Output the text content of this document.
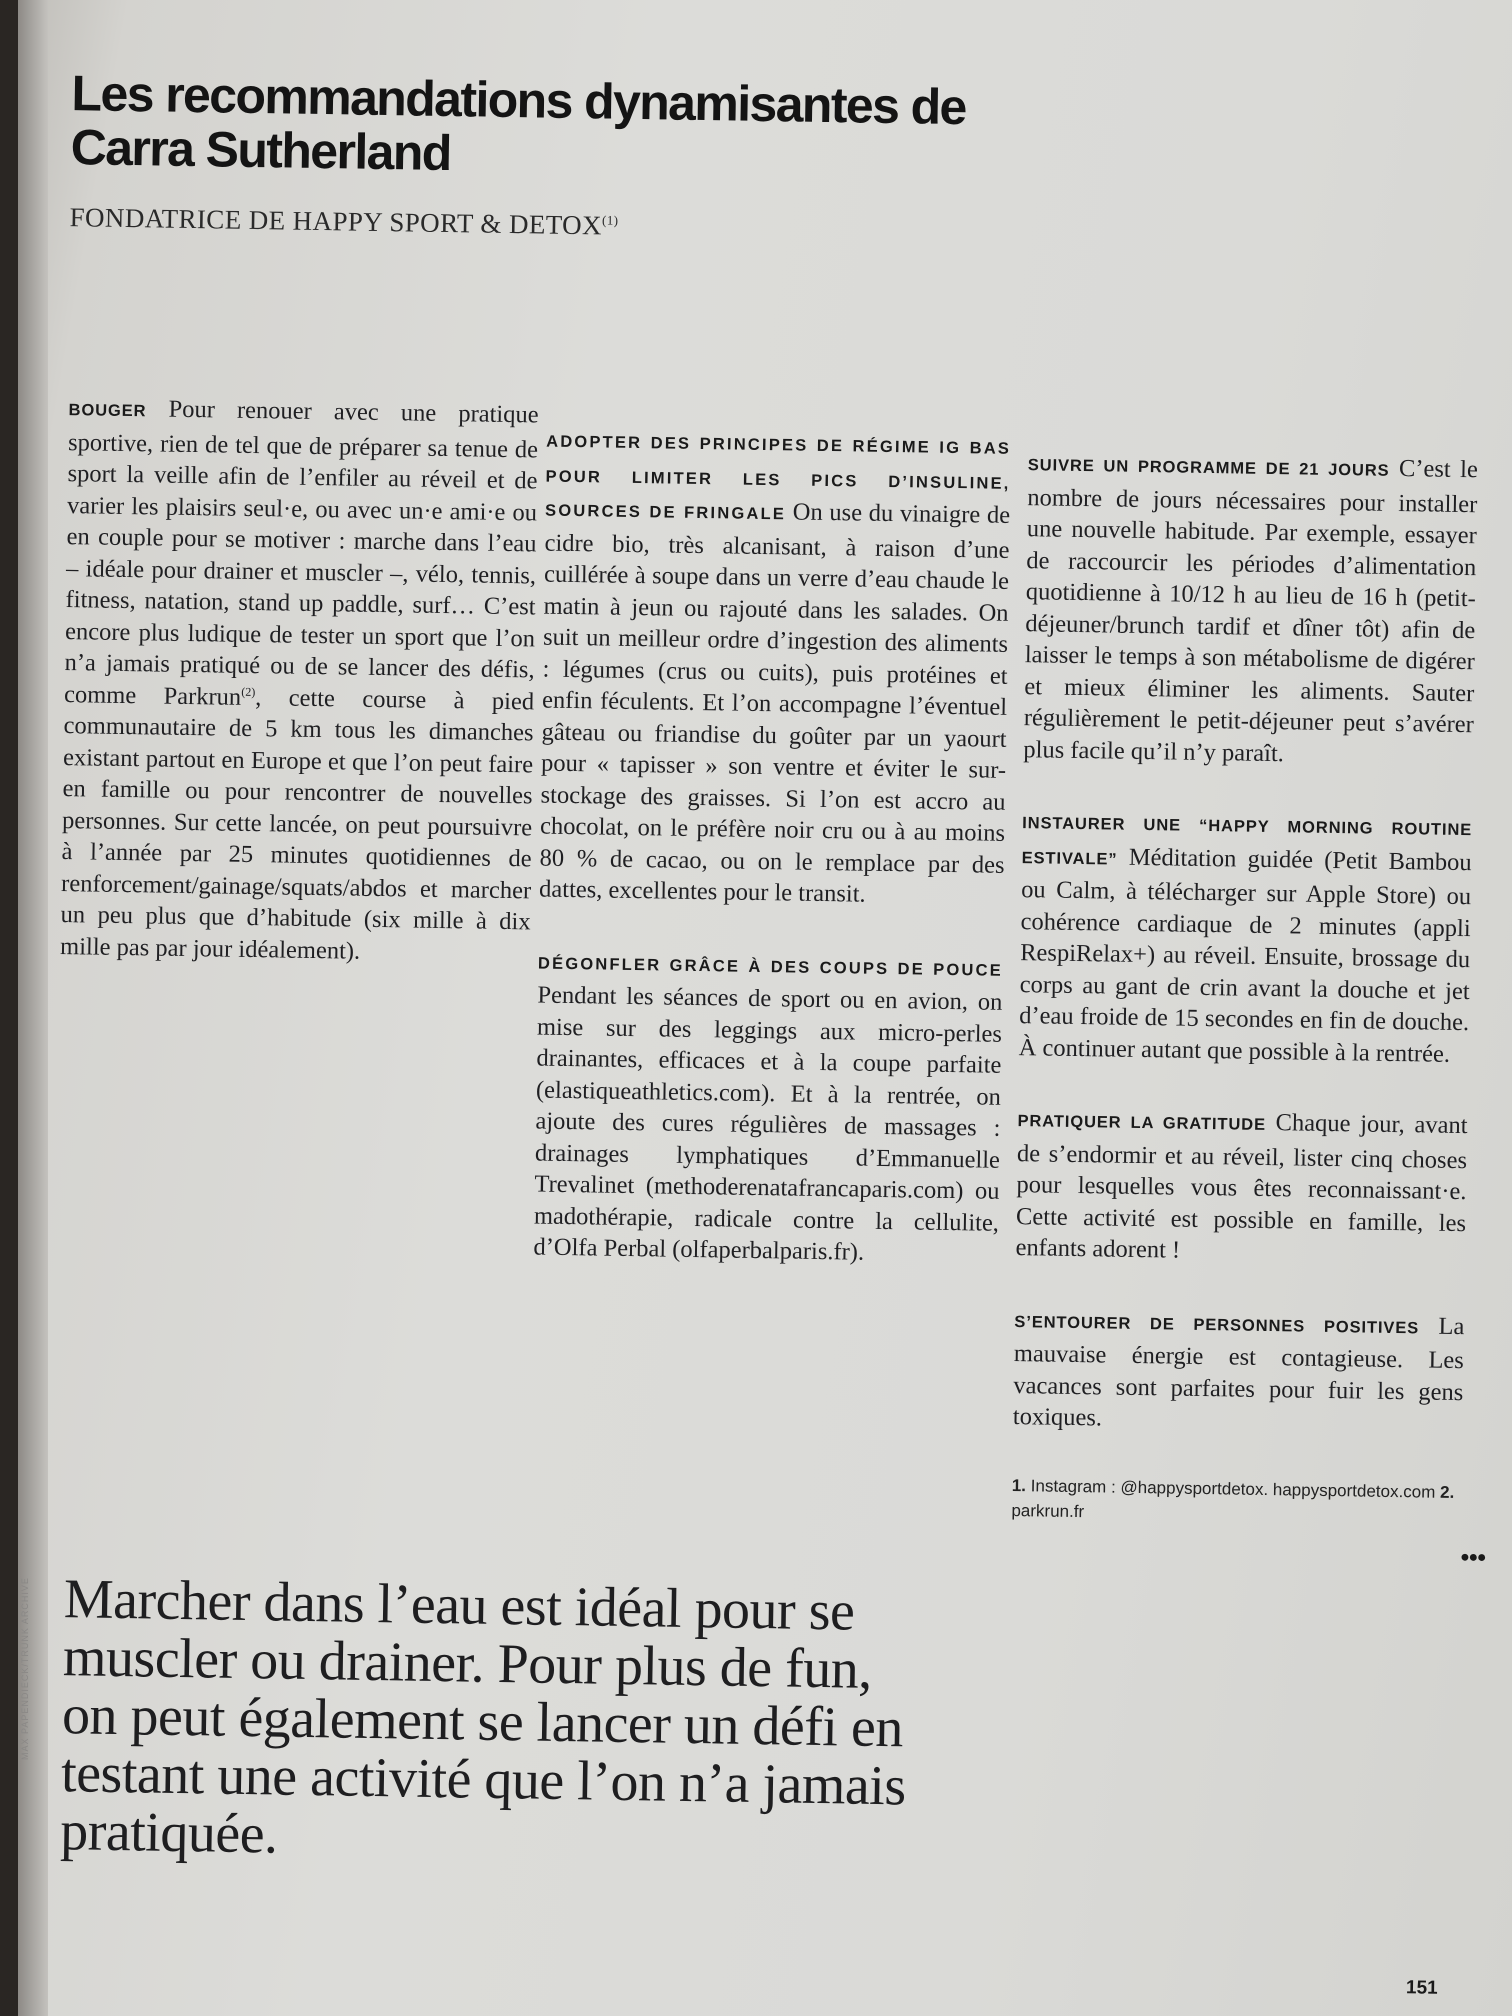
Les recommandations dynamisantes de Carra Sutherland

FONDATRICE DE HAPPY SPORT & DETOX$^{(1)}$

BOUGER Pour renouer avec une pratique sportive, rien de tel que de préparer sa tenue de sport la veille afin de l’enfiler au réveil et de varier les plaisirs seul·e, ou avec un·e ami·e ou en couple pour se motiver : marche dans l’eau – idéale pour drainer et muscler –, vélo, tennis, fitness, natation, stand up paddle, surf… C’est encore plus ludique de tester un sport que l’on n’a jamais pratiqué ou de se lancer des défis, comme Parkrun$^{(2)}$, cette course à pied communautaire de 5 km tous les dimanches existant partout en Europe et que l’on peut faire en famille ou pour rencontrer de nouvelles personnes. Sur cette lancée, on peut poursuivre à l’année par 25 minutes quotidiennes de renforcement/gainage/squats/abdos et marcher un peu plus que d’habitude (six mille à dix mille pas par jour idéalement).

ADOPTER DES PRINCIPES DE RÉGIME IG BAS POUR LIMITER LES PICS D’INSULINE, SOURCES DE FRINGALE On use du vinaigre de cidre bio, très alcanisant, à raison d’une cuillérée à soupe dans un verre d’eau chaude le matin à jeun ou rajouté dans les salades. On suit un meilleur ordre d’ingestion des aliments : légumes (crus ou cuits), puis protéines et enfin féculents. Et l’on accompagne l’éventuel gâteau ou friandise du goûter par un yaourt pour « tapisser » son ventre et éviter le sur-stockage des graisses. Si l’on est accro au chocolat, on le préfère noir cru ou à au moins 80 % de cacao, ou on le remplace par des dattes, excellentes pour le transit.

DÉGONFLER GRÂCE À DES COUPS DE POUCE Pendant les séances de sport ou en avion, on mise sur des leggings aux micro-perles drainantes, efficaces et à la coupe parfaite (elastiqueathletics.com). Et à la rentrée, on ajoute des cures régulières de massages : drainages lymphatiques d’Emmanuelle Trevalinet (methoderenatafrancaparis.com) ou madothérapie, radicale contre la cellulite, d’Olfa Perbal (olfaperbalparis.fr).

SUIVRE UN PROGRAMME DE 21 JOURS C’est le nombre de jours nécessaires pour installer une nouvelle habitude. Par exemple, essayer de raccourcir les périodes d’alimentation quotidienne à 10/12 h au lieu de 16 h (petit-déjeuner/brunch tardif et dîner tôt) afin de laisser le temps à son métabolisme de digérer et mieux éliminer les aliments. Sauter régulièrement le petit-déjeuner peut s’avérer plus facile qu’il n’y paraît.

INSTAURER UNE “HAPPY MORNING ROUTINE ESTIVALE” Méditation guidée (Petit Bambou ou Calm, à télécharger sur Apple Store) ou cohérence cardiaque de 2 minutes (appli RespiRelax+) au réveil. Ensuite, brossage du corps au gant de crin avant la douche et jet d’eau froide de 15 secondes en fin de douche. À continuer autant que possible à la rentrée.

PRATIQUER LA GRATITUDE Chaque jour, avant de s’endormir et au réveil, lister cinq choses pour lesquelles vous êtes reconnaissant·e. Cette activité est possible en famille, les enfants adorent !

S’ENTOURER DE PERSONNES POSITIVES La mauvaise énergie est contagieuse. Les vacances sont parfaites pour fuir les gens toxiques.

1. Instagram : @happysportdetox. happysportdetox.com 2. parkrun.fr

•••

Marcher dans l’eau est idéal pour se muscler ou drainer. Pour plus de fun, on peut également se lancer un défi en testant une activité que l’on n’a jamais pratiquée.

151
MAX PAPENDIECK/TRUNK ARCHIVE
